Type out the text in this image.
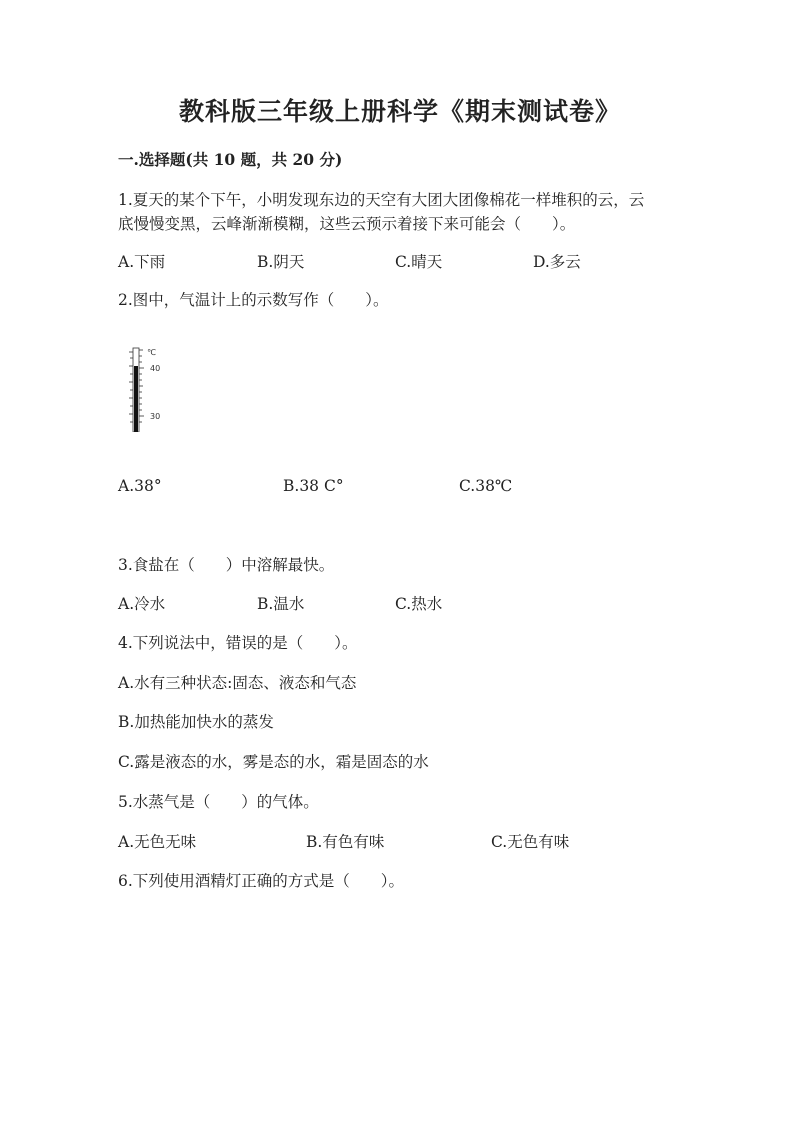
教科版三年级上册科学《期末测试卷》
一.选择题(共 10 题，共 20 分)
1.夏天的某个下午，小明发现东边的天空有大团大团像棉花一样堆积的云，云
底慢慢变黑，云峰渐渐模糊，这些云预示着接下来可能会（　　）。
A.下雨	B.阴天	C.晴天	D.多云
2.图中，气温计上的示数写作（　　）。
℃
40
30
A.38°	B.38 C°	C.38℃
3.食盐在（　　）中溶解最快。
A.冷水	B.温水	C.热水
4.下列说法中，错误的是（　　）。
A.水有三种状态:固态、液态和气态
B.加热能加快水的蒸发
C.露是液态的水，雾是态的水，霜是固态的水
5.水蒸气是（　　）的气体。
A.无色无味	B.有色有味	C.无色有味
6.下列使用酒精灯正确的方式是（　　）。
